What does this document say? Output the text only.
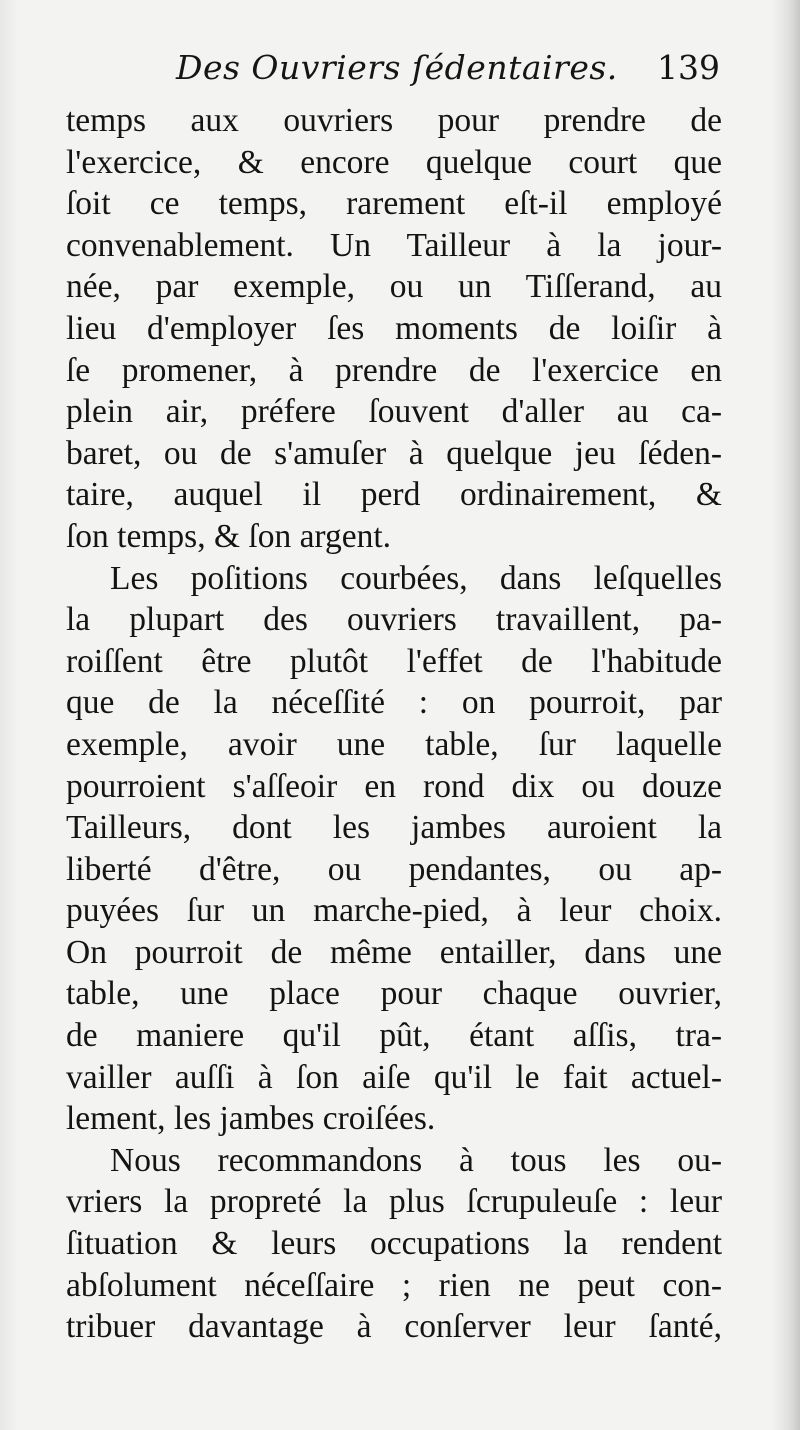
Des Ouvriers ſédentaires. 139

temps aux ouvriers pour prendre de
l'exercice, & encore quelque court que
ſoit ce temps, rarement eſt-il employé
convenablement. Un Tailleur à la jour-
née, par exemple, ou un Tiſſerand, au
lieu d'employer ſes moments de loiſir à
ſe promener, à prendre de l'exercice en
plein air, préfere ſouvent d'aller au ca-
baret, ou de s'amuſer à quelque jeu ſéden-
taire, auquel il perd ordinairement, &
ſon temps, & ſon argent.

Les poſitions courbées, dans leſquelles
la plupart des ouvriers travaillent, pa-
roiſſent être plutôt l'effet de l'habitude
que de la néceſſité : on pourroit, par
exemple, avoir une table, ſur laquelle
pourroient s'aſſeoir en rond dix ou douze
Tailleurs, dont les jambes auroient la
liberté d'être, ou pendantes, ou ap-
puyées ſur un marche-pied, à leur choix.
On pourroit de même entailler, dans une
table, une place pour chaque ouvrier,
de maniere qu'il pût, étant aſſis, tra-
vailler auſſi à ſon aiſe qu'il le fait actuel-
lement, les jambes croiſées.

Nous recommandons à tous les ou-
vriers la propreté la plus ſcrupuleuſe : leur
ſituation & leurs occupations la rendent
abſolument néceſſaire ; rien ne peut con-
tribuer davantage à conſerver leur ſanté,
